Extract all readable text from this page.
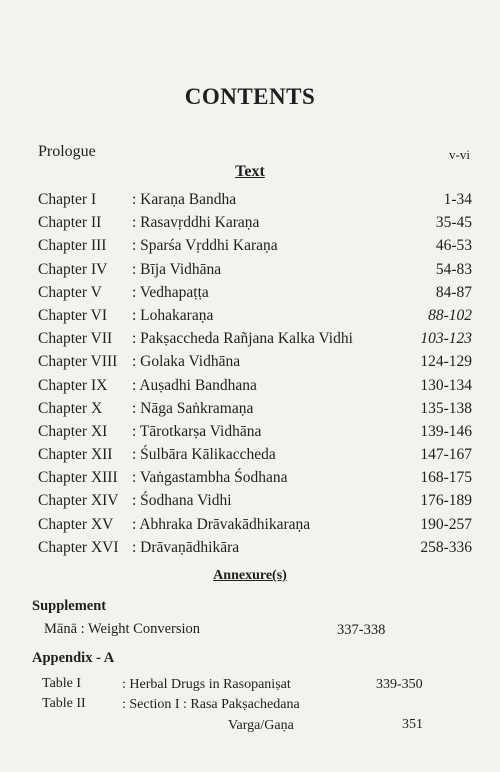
CONTENTS
Prologue	v-vi
Text
Chapter I : Karaṇa Bandha	1-34
Chapter II : Rasavṛddhi Karaṇa	35-45
Chapter III : Sparśa Vṛddhi Karaṇa	46-53
Chapter IV : Bīja Vidhāna	54-83
Chapter V : Vedhapaṭṭa	84-87
Chapter VI : Lohakaraṇa	88-102
Chapter VII : Pakṣaccheda Rañjana Kalka Vidhi	103-123
Chapter VIII : Golaka Vidhāna	124-129
Chapter IX : Auṣadhi Bandhana	130-134
Chapter X : Nāga Saṅkramaṇa	135-138
Chapter XI : Tārotkarṣa Vidhāna	139-146
Chapter XII : Śulbāra Kālikaccheda	147-167
Chapter XIII : Vaṅgastambha Śodhana	168-175
Chapter XIV : Śodhana Vidhi	176-189
Chapter XV : Abhraka Drāvakādhikaraṇa	190-257
Chapter XVI : Drāvaṇādhikāra	258-336
Annexure(s)
Supplement
Mānā : Weight Conversion	337-338
Appendix - A
Table I	: Herbal Drugs in Rasopaniṣat	339-350
Table II	: Section I : Rasa Pakṣachedana
Varga/Gaṇa	351
